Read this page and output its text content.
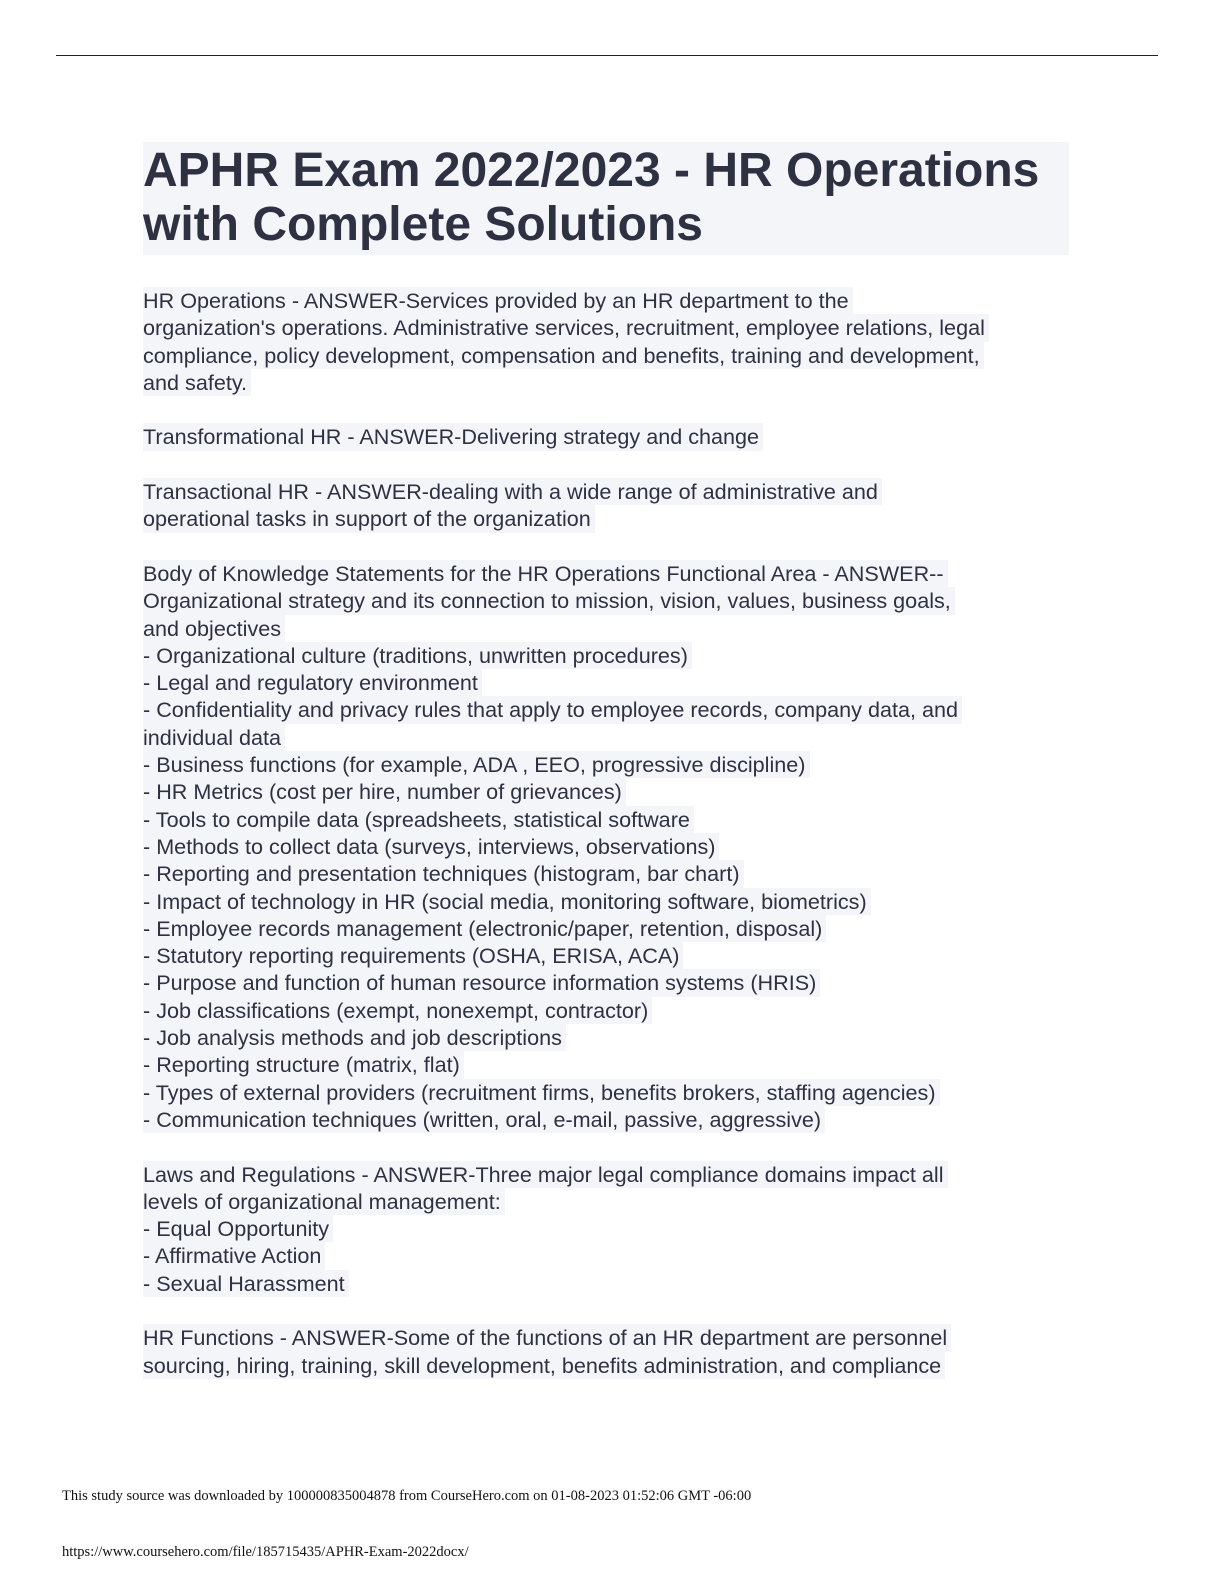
APHR Exam 2022/2023 - HR Operations
with Complete Solutions
HR Operations - ANSWER-Services provided by an HR department to the
organization's operations. Administrative services, recruitment, employee relations, legal
compliance, policy development, compensation and benefits, training and development,
and safety.
Transformational HR - ANSWER-Delivering strategy and change
Transactional HR - ANSWER-dealing with a wide range of administrative and
operational tasks in support of the organization
Body of Knowledge Statements for the HR Operations Functional Area - ANSWER--
Organizational strategy and its connection to mission, vision, values, business goals,
and objectives
- Organizational culture (traditions, unwritten procedures)
- Legal and regulatory environment
- Confidentiality and privacy rules that apply to employee records, company data, and
individual data
- Business functions (for example, ADA , EEO, progressive discipline)
- HR Metrics (cost per hire, number of grievances)
- Tools to compile data (spreadsheets, statistical software
- Methods to collect data (surveys, interviews, observations)
- Reporting and presentation techniques (histogram, bar chart)
- Impact of technology in HR (social media, monitoring software, biometrics)
- Employee records management (electronic/paper, retention, disposal)
- Statutory reporting requirements (OSHA, ERISA, ACA)
- Purpose and function of human resource information systems (HRIS)
- Job classifications (exempt, nonexempt, contractor)
- Job analysis methods and job descriptions
- Reporting structure (matrix, flat)
- Types of external providers (recruitment firms, benefits brokers, staffing agencies)
- Communication techniques (written, oral, e-mail, passive, aggressive)
Laws and Regulations - ANSWER-Three major legal compliance domains impact all
levels of organizational management:
- Equal Opportunity
- Affirmative Action
- Sexual Harassment
HR Functions - ANSWER-Some of the functions of an HR department are personnel
sourcing, hiring, training, skill development, benefits administration, and compliance
This study source was downloaded by 100000835004878 from CourseHero.com on 01-08-2023 01:52:06 GMT -06:00
https://www.coursehero.com/file/185715435/APHR-Exam-2022docx/
